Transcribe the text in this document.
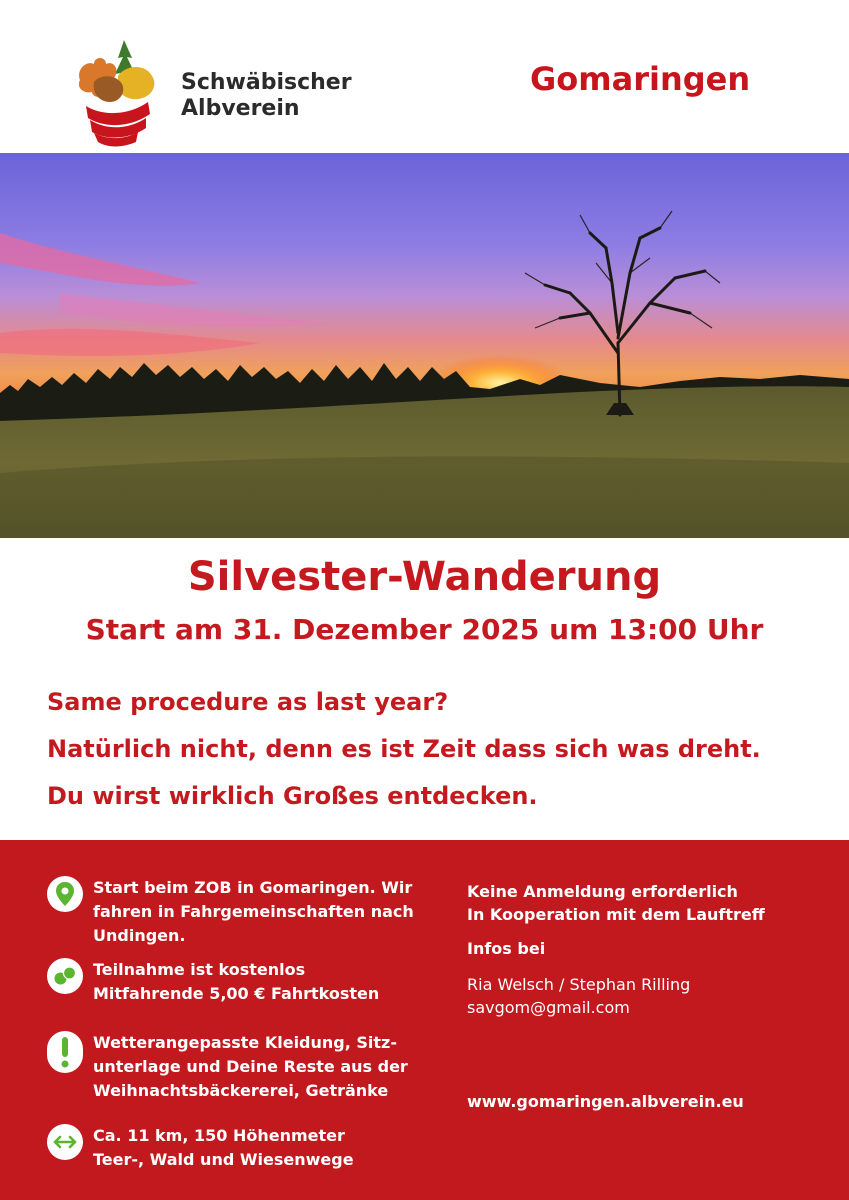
Schwäbischer
Albverein
Gomaringen
Silvester-Wanderung
Start am 31. Dezember 2025 um 13:00 Uhr
Same procedure as last year?
Natürlich nicht, denn es ist Zeit dass sich was dreht.
Du wirst wirklich Großes entdecken.
Start beim ZOB in Gomaringen. Wir
fahren in Fahrgemeinschaften nach
Undingen.
Teilnahme ist kostenlos
Mitfahrende 5,00 € Fahrtkosten
Wetterangepasste Kleidung, Sitz-
unterlage und Deine Reste aus der
Weihnachtsbäckererei, Getränke
Ca. 11 km, 150 Höhenmeter
Teer-, Wald und Wiesenwege
Keine Anmeldung erforderlich
In Kooperation mit dem Lauftreff
Infos bei
Ria Welsch / Stephan Rilling
savgom@gmail.com
www.gomaringen.albverein.eu
